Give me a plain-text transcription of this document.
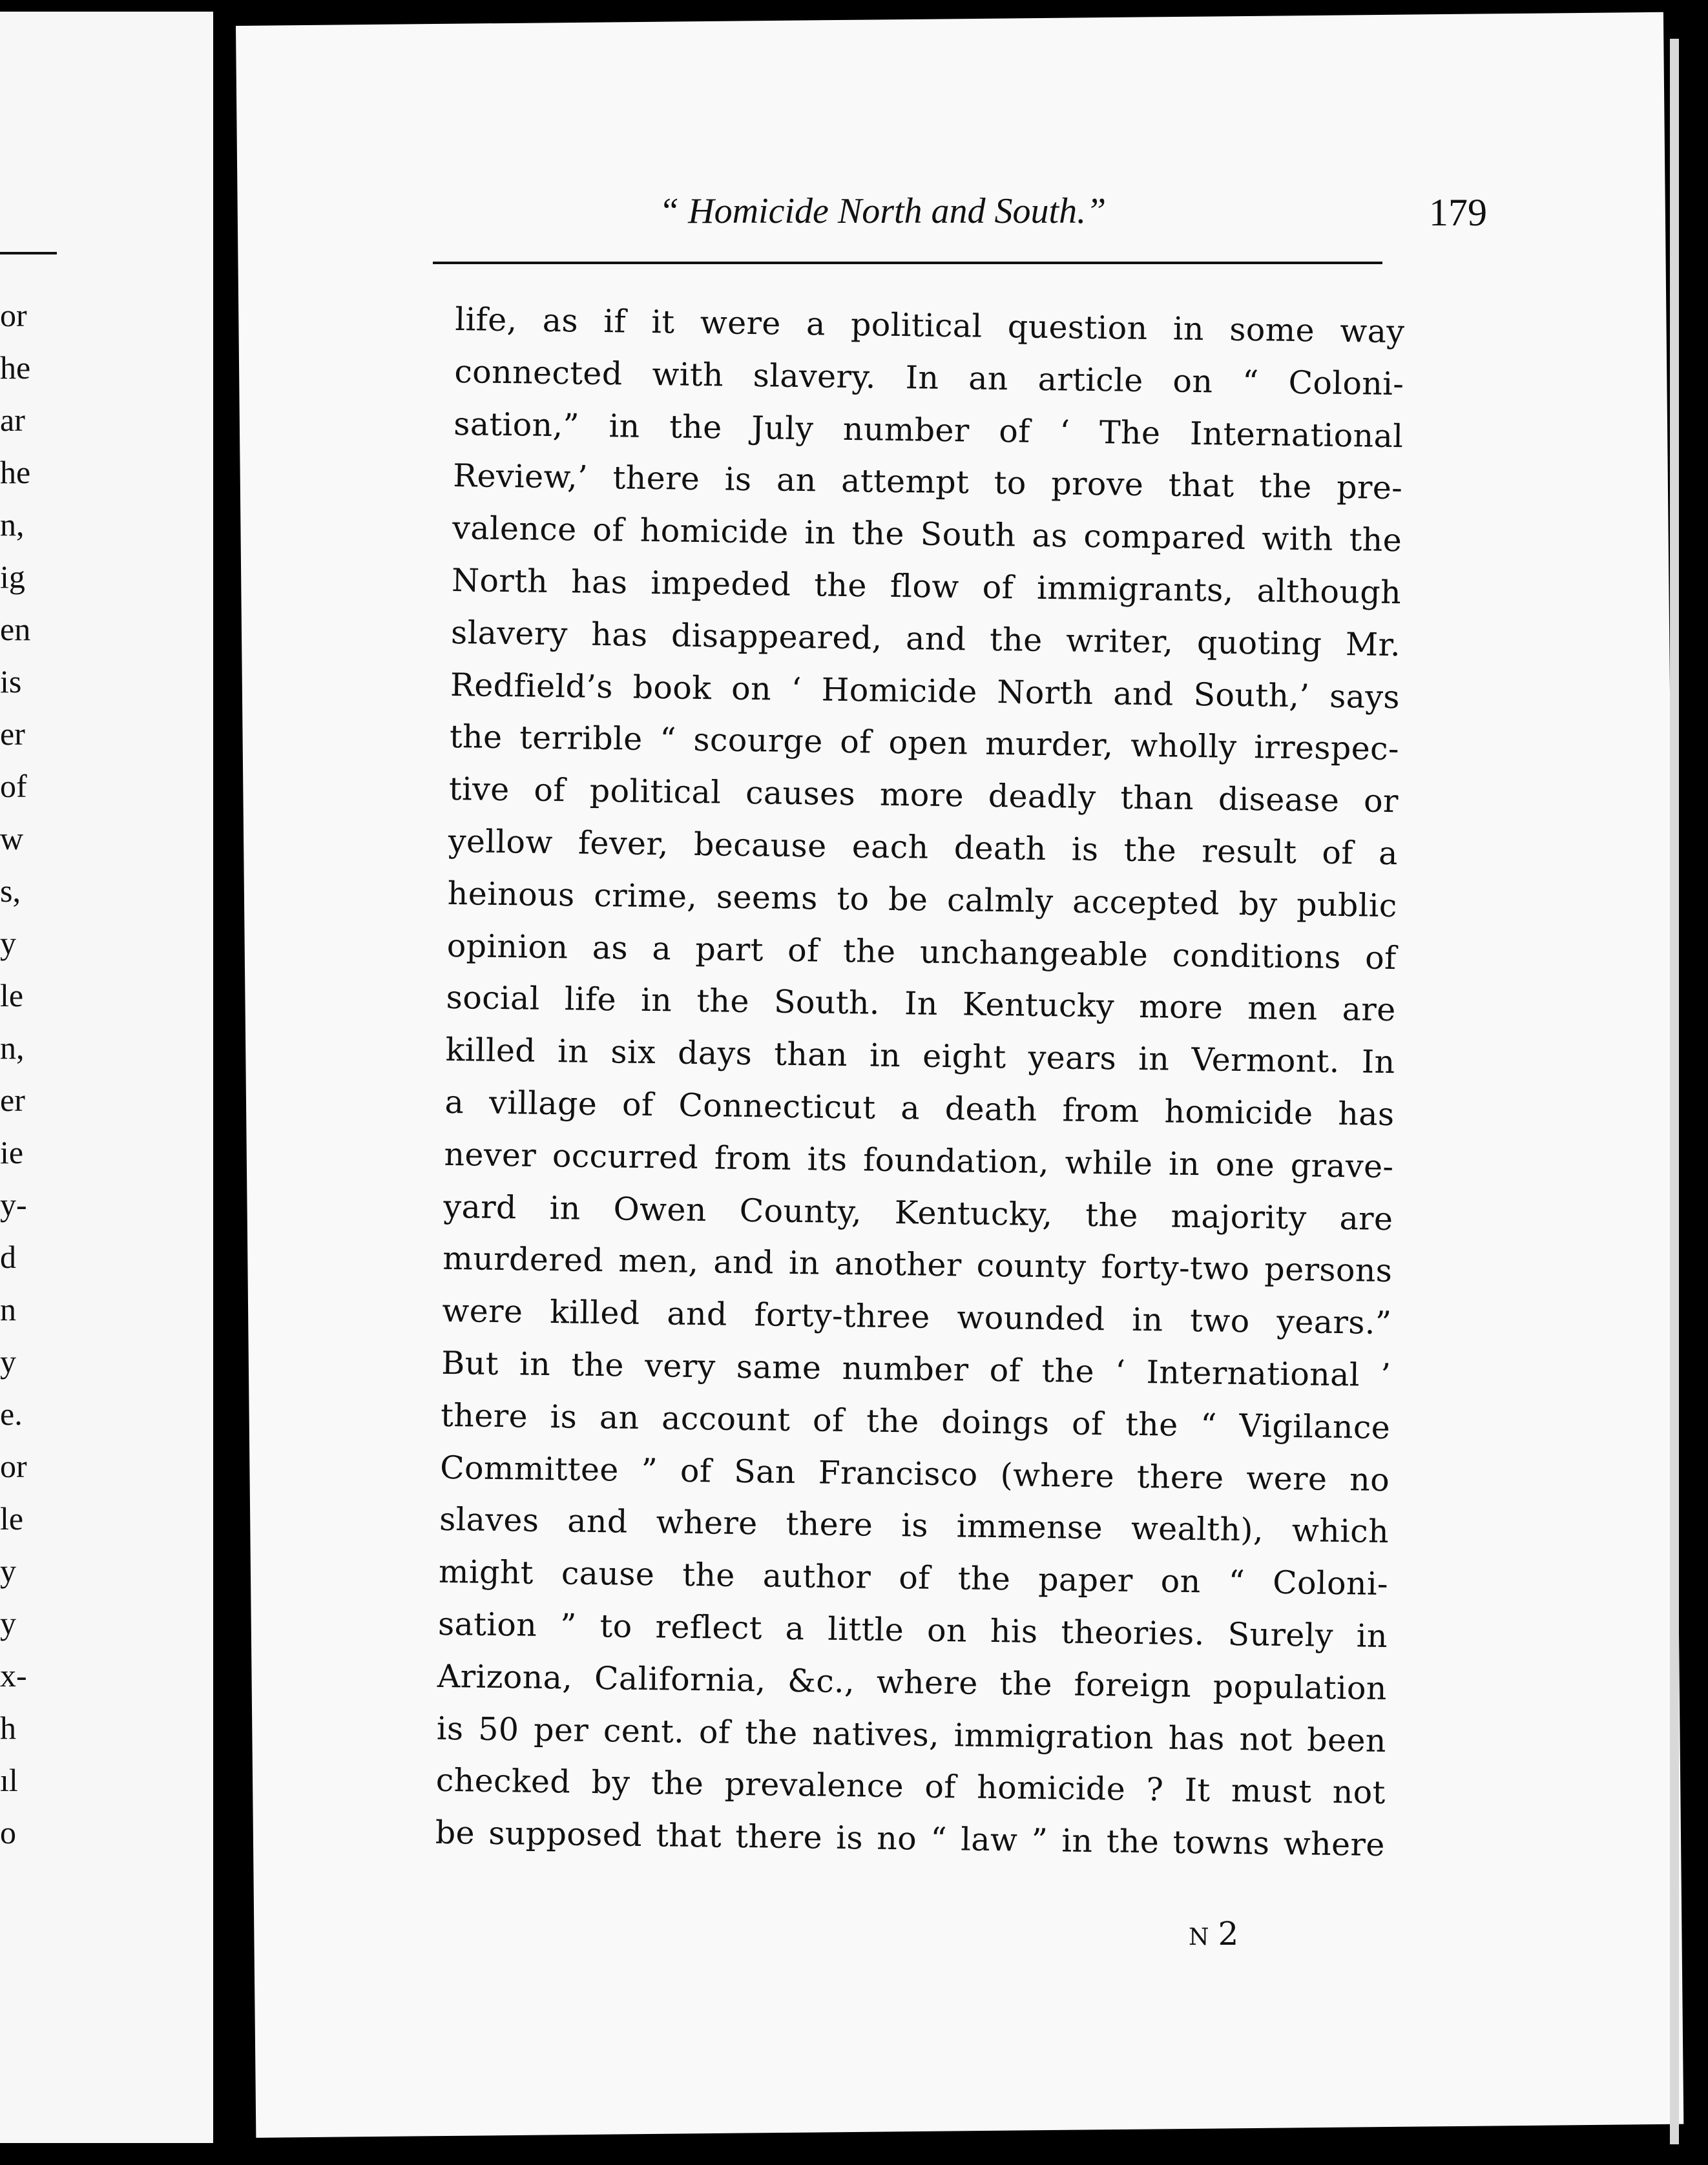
or
he
ar
he
n,
ig
en
is
er
of
w
s,
y
le
n,
er
ie
y-
d
n
y
e.
or
le
y
y
x-
h
ıl
o
“ Homicide North and South.”	179
life, as if it were a political question in some way
connected with slavery. In an article on “ Coloni-
sation,” in the July number of ‘ The International
Review,’ there is an attempt to prove that the pre-
valence of homicide in the South as compared with the
North has impeded the flow of immigrants, although
slavery has disappeared, and the writer, quoting Mr.
Redfield’s book on ‘ Homicide North and South,’ says
the terrible “ scourge of open murder, wholly irrespec-
tive of political causes more deadly than disease or
yellow fever, because each death is the result of a
heinous crime, seems to be calmly accepted by public
opinion as a part of the unchangeable conditions of
social life in the South. In Kentucky more men are
killed in six days than in eight years in Vermont. In
a village of Connecticut a death from homicide has
never occurred from its foundation, while in one grave-
yard in Owen County, Kentucky, the majority are
murdered men, and in another county forty-two persons
were killed and forty-three wounded in two years.”
But in the very same number of the ‘ International ’
there is an account of the doings of the “ Vigilance
Committee ” of San Francisco (where there were no
slaves and where there is immense wealth), which
might cause the author of the paper on “ Coloni-
sation ” to reflect a little on his theories. Surely in
Arizona, California, &c., where the foreign population
is 50 per cent. of the natives, immigration has not been
checked by the prevalence of homicide ? It must not
be supposed that there is no “ law ” in the towns where
N2
